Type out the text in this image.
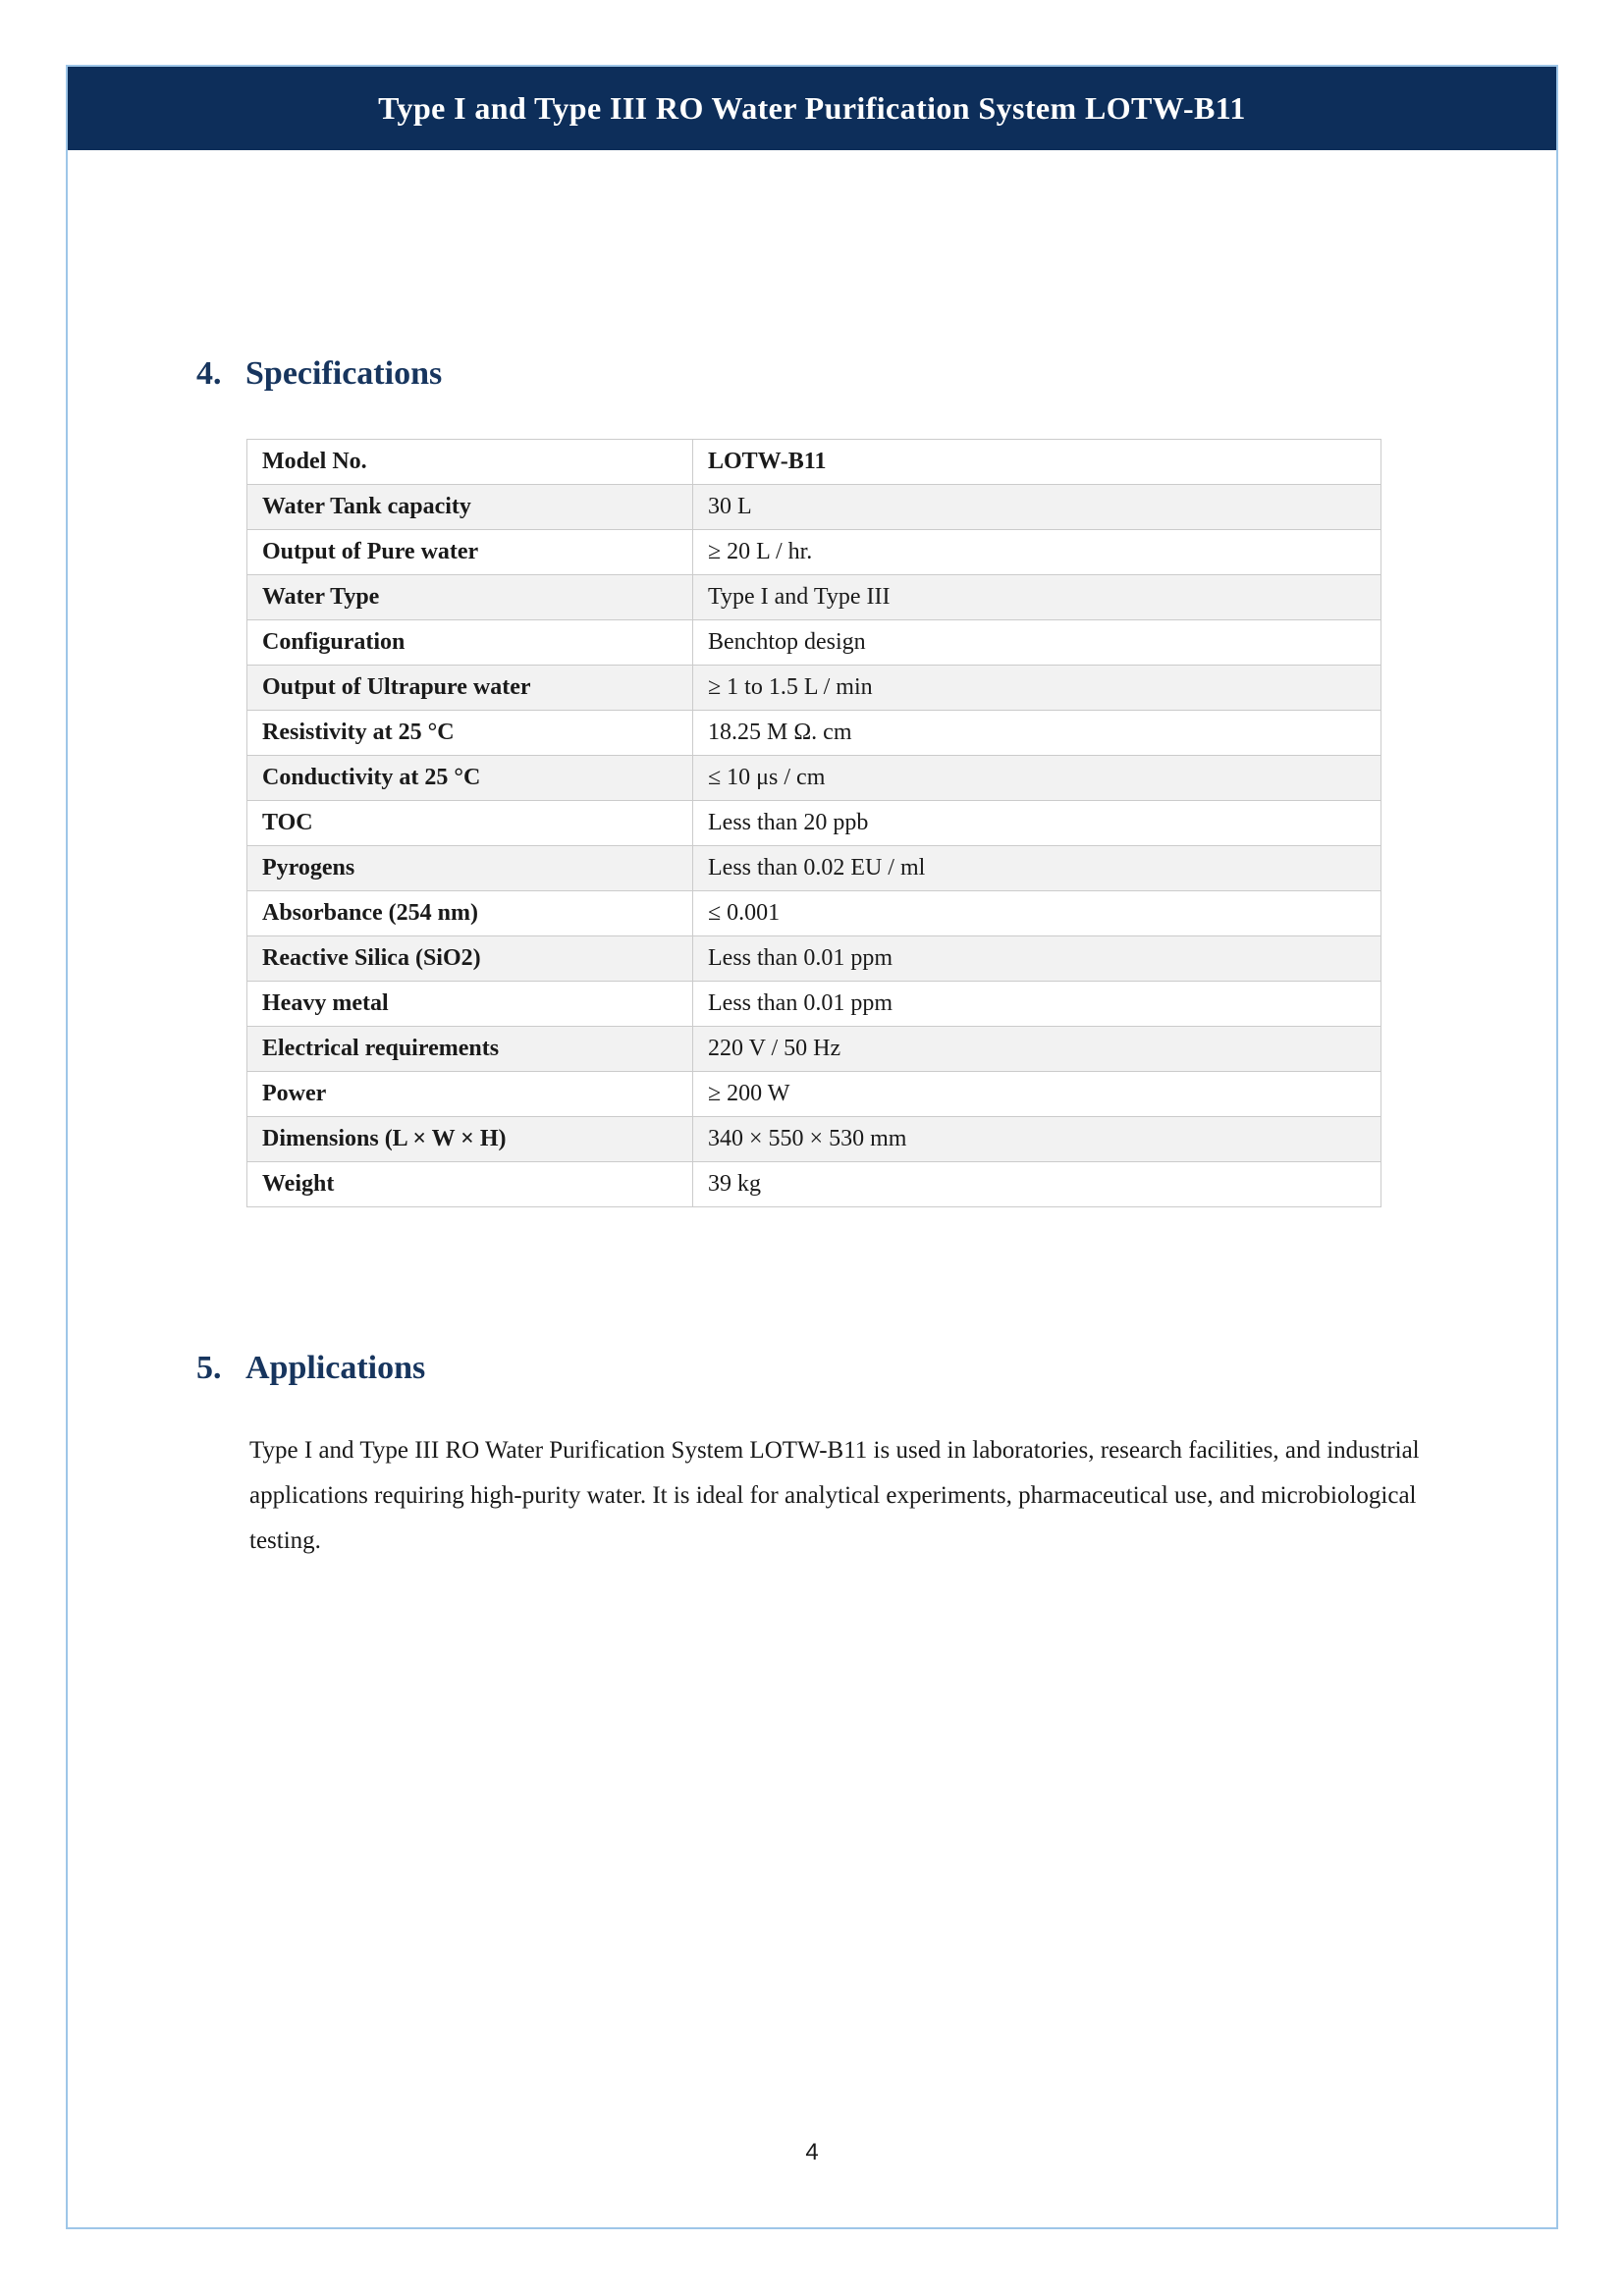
Type I and Type III RO Water Purification System LOTW-B11
4. Specifications
Model No.	LOTW-B11
Water Tank capacity	30 L
Output of Pure water	≥ 20 L / hr.
Water Type	Type I and Type III
Configuration	Benchtop design
Output of Ultrapure water	≥ 1 to 1.5 L / min
Resistivity at 25 °C	18.25 M Ω. cm
Conductivity at 25 °C	≤ 10 μs / cm
TOC	Less than 20 ppb
Pyrogens	Less than 0.02 EU / ml
Absorbance (254 nm)	≤ 0.001
Reactive Silica (SiO2)	Less than 0.01 ppm
Heavy metal	Less than 0.01 ppm
Electrical requirements	220 V / 50 Hz
Power	≥ 200 W
Dimensions (L × W × H)	340 × 550 × 530 mm
Weight	39 kg
5. Applications
Type I and Type III RO Water Purification System LOTW-B11 is used in laboratories, research facilities, and industrial applications requiring high-purity water. It is ideal for analytical experiments, pharmaceutical use, and microbiological testing.
4
